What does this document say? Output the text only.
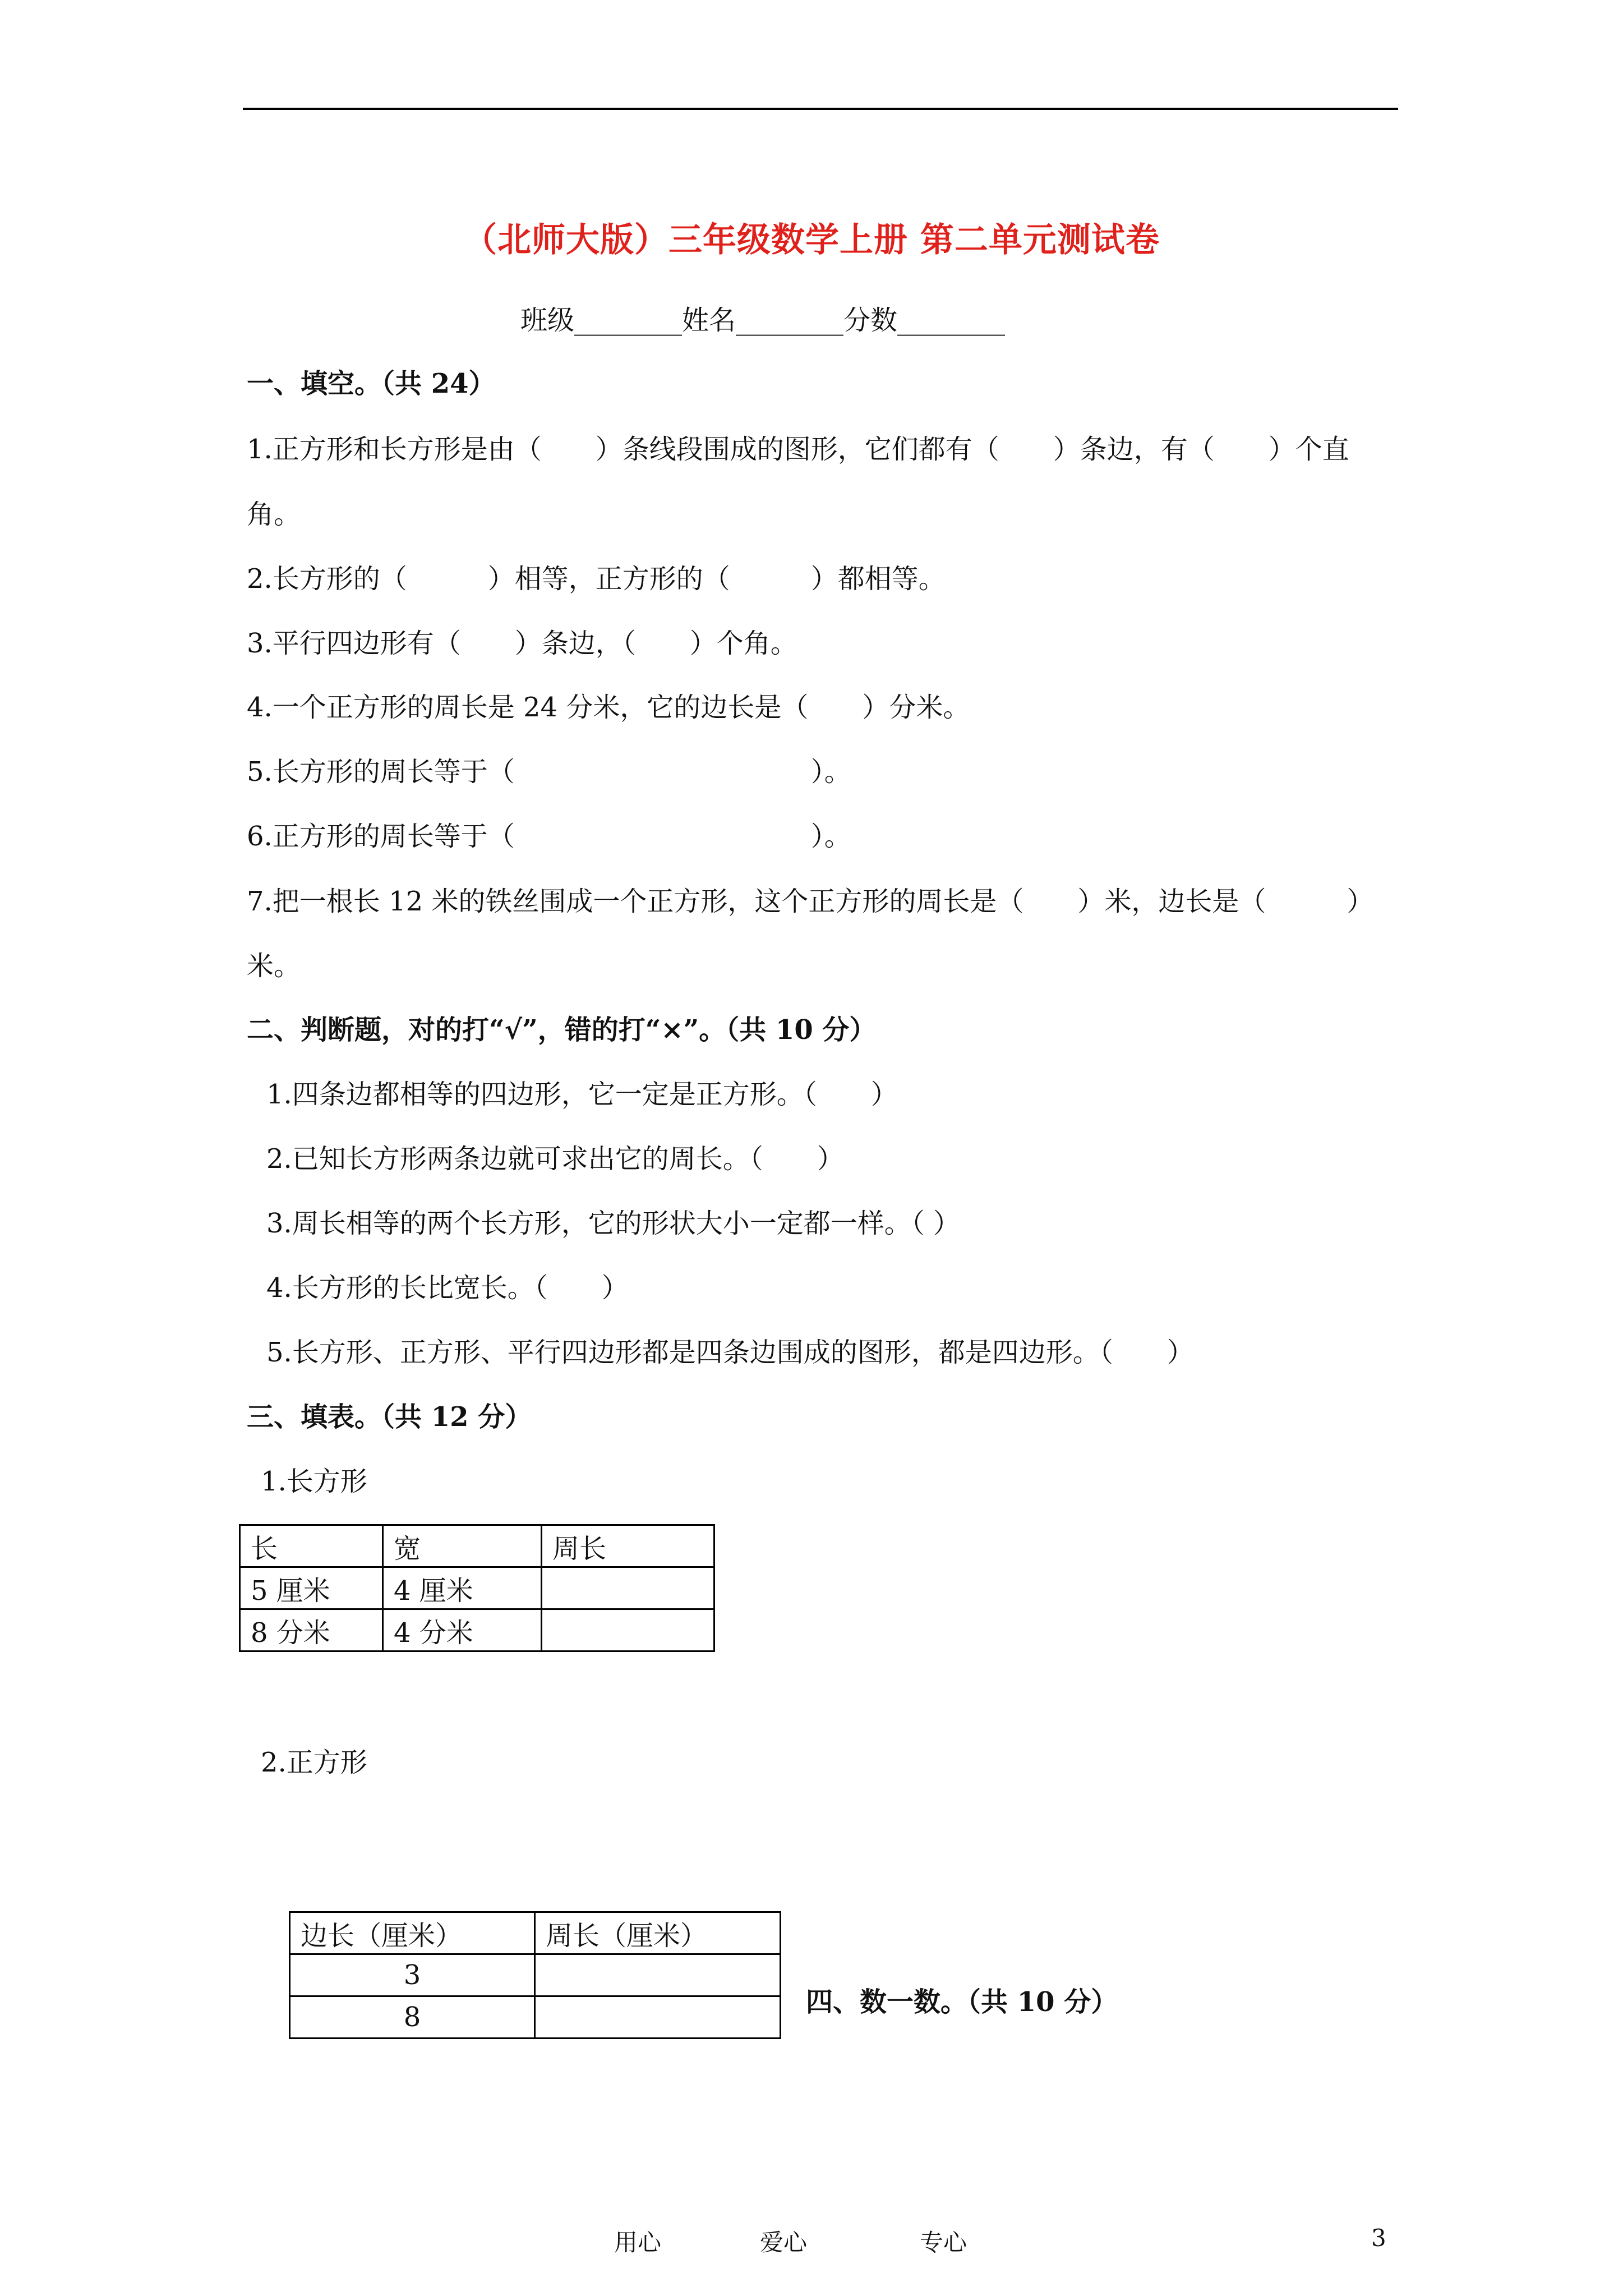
（北师大版）三年级数学上册 第二单元测试卷
班级________姓名________分数________
一、填空。（共 24）
1.正方形和长方形是由（　　）条线段围成的图形，它们都有（　　）条边，有（　　）个直
角。
2.长方形的（　　　）相等，正方形的（　　　）都相等。
3.平行四边形有（　　）条边，（　　）个角。
4.一个正方形的周长是 24 分米，它的边长是（　　）分米。
5.长方形的周长等于（　　　　　　　　　　　）。
6.正方形的周长等于（　　　　　　　　　　　）。
7.把一根长 12 米的铁丝围成一个正方形，这个正方形的周长是（　　）米，边长是（　　　）
米。
二、判断题，对的打“√”，错的打“×”。（共 10 分）
1.四条边都相等的四边形，它一定是正方形。（　　）
2.已知长方形两条边就可求出它的周长。（　　）
3.周长相等的两个长方形，它的形状大小一定都一样。（ ）
4.长方形的长比宽长。（　　）
5.长方形、正方形、平行四边形都是四条边围成的图形，都是四边形。（　　）
三、填表。（共 12 分）
1.长方形
长	宽	周长
5 厘米	4 厘米	
8 分米	4 分米	
2.正方形
边长（厘米）	周长（厘米）
3	
8		四、数一数。（共 10 分）
用心	爱心	专心	3
